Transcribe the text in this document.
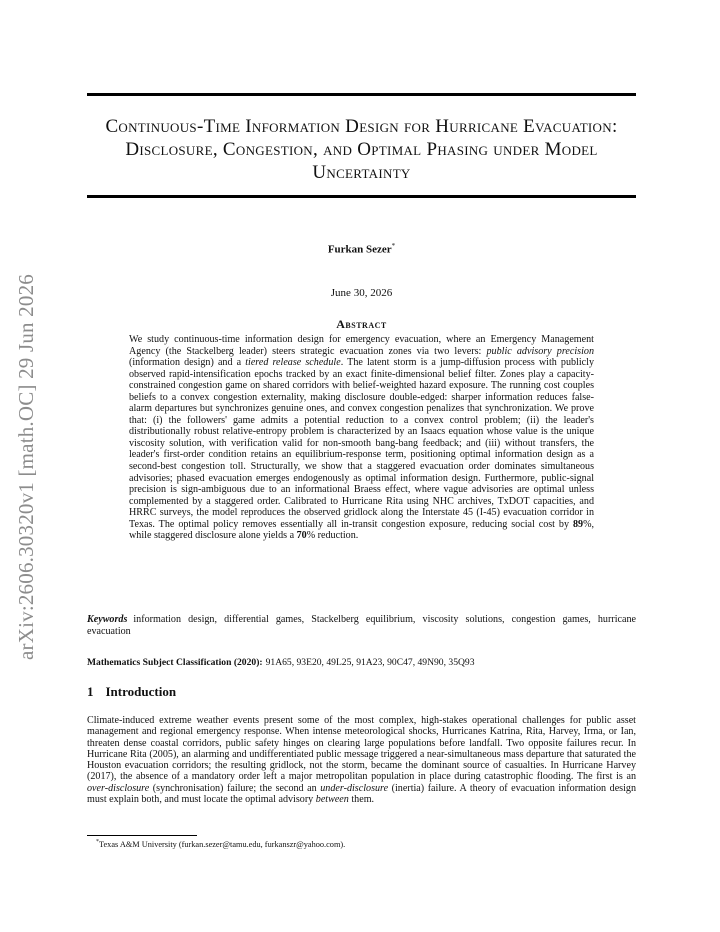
arXiv:2606.30320v1 [math.OC] 29 Jun 2026
Continuous-Time Information Design for Hurricane Evacuation: Disclosure, Congestion, and Optimal Phasing under Model Uncertainty
Furkan Sezer*
June 30, 2026
Abstract

We study continuous-time information design for emergency evacuation, where an Emergency Management Agency (the Stackelberg leader) steers strategic evacuation zones via two levers: public advisory precision (information design) and a tiered release schedule. The latent storm is a jump-diffusion process with publicly observed rapid-intensification epochs tracked by an exact finite-dimensional belief filter. Zones play a capacity-constrained congestion game on shared corridors with belief-weighted hazard exposure. The running cost couples beliefs to a convex congestion externality, making disclosure double-edged: sharper information reduces false-alarm departures but synchronizes genuine ones, and convex congestion penalizes that synchronization. We prove that: (i) the followers' game admits a potential reduction to a convex control problem; (ii) the leader's distributionally robust relative-entropy problem is characterized by an Isaacs equation whose value is the unique viscosity solution, with verification valid for non-smooth bang-bang feedback; and (iii) without transfers, the leader's first-order condition retains an equilibrium-response term, positioning optimal information design as a second-best congestion toll. Structurally, we show that a staggered evacuation order dominates simultaneous advisories; phased evacuation emerges endogenously as optimal information design. Furthermore, public-signal precision is sign-ambiguous due to an informational Braess effect, where vague advisories are optimal unless complemented by a staggered order. Calibrated to Hurricane Rita using NHC archives, TxDOT capacities, and HRRC surveys, the model reproduces the observed gridlock along the Interstate 45 (I-45) evacuation corridor in Texas. The optimal policy removes essentially all in-transit congestion exposure, reducing social cost by 89%, while staggered disclosure alone yields a 70% reduction.

Keywords information design, differential games, Stackelberg equilibrium, viscosity solutions, congestion games, hurricane evacuation

Mathematics Subject Classification (2020): 91A65, 93E20, 49L25, 91A23, 90C47, 49N90, 35Q93

1 Introduction

Climate-induced extreme weather events present some of the most complex, high-stakes operational challenges for public asset management and regional emergency response. When intense meteorological shocks, Hurricanes Katrina, Rita, Harvey, Irma, or Ian, threaten dense coastal corridors, public safety hinges on clearing large populations before landfall. Two opposite failures recur. In Hurricane Rita (2005), an alarming and undifferentiated public message triggered a near-simultaneous mass departure that saturated the Houston evacuation corridors; the resulting gridlock, not the storm, became the dominant source of casualties. In Hurricane Harvey (2017), the absence of a mandatory order left a major metropolitan population in place during catastrophic flooding. The first is an over-disclosure (synchronisation) failure; the second an under-disclosure (inertia) failure. A theory of evacuation information design must explain both, and must locate the optimal advisory between them.

*Texas A&M University (furkan.sezer@tamu.edu, furkanszr@yahoo.com).
